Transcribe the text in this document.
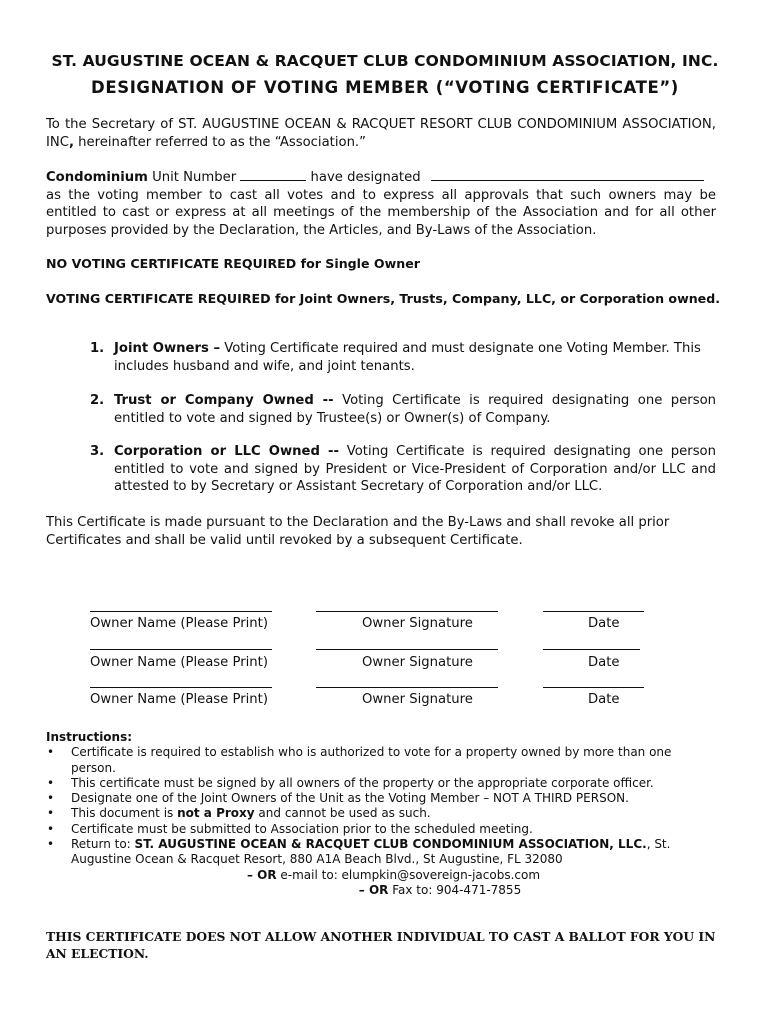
ST. AUGUSTINE OCEAN & RACQUET CLUB CONDOMINIUM ASSOCIATION, INC.
DESIGNATION OF VOTING MEMBER (“VOTING CERTIFICATE”)
To the Secretary of ST. AUGUSTINE OCEAN & RACQUET RESORT CLUB CONDOMINIUM ASSOCIATION, INC, hereinafter referred to as the “Association.”
Condominium Unit Number	have designated
as the voting member to cast all votes and to express all approvals that such owners may be entitled to cast or express at all meetings of the membership of the Association and for all other purposes provided by the Declaration, the Articles, and By-Laws of the Association.
NO VOTING CERTIFICATE REQUIRED for Single Owner
VOTING CERTIFICATE REQUIRED for Joint Owners, Trusts, Company, LLC, or Corporation owned.
1. Joint Owners – Voting Certificate required and must designate one Voting Member. This includes husband and wife, and joint tenants.
2. Trust or Company Owned -- Voting Certificate is required designating one person entitled to vote and signed by Trustee(s) or Owner(s) of Company.
3. Corporation or LLC Owned -- Voting Certificate is required designating one person entitled to vote and signed by President or Vice-President of Corporation and/or LLC and attested to by Secretary or Assistant Secretary of Corporation and/or LLC.
This Certificate is made pursuant to the Declaration and the By-Laws and shall revoke all prior Certificates and shall be valid until revoked by a subsequent Certificate.
Owner Name (Please Print)	Owner Signature	Date
Owner Name (Please Print)	Owner Signature	Date
Owner Name (Please Print)	Owner Signature	Date
Instructions:
• Certificate is required to establish who is authorized to vote for a property owned by more than one person.
• This certificate must be signed by all owners of the property or the appropriate corporate officer.
• Designate one of the Joint Owners of the Unit as the Voting Member – NOT A THIRD PERSON.
• This document is not a Proxy and cannot be used as such.
• Certificate must be submitted to Association prior to the scheduled meeting.
• Return to: ST. AUGUSTINE OCEAN & RACQUET CLUB CONDOMINIUM ASSOCIATION, LLC., St. Augustine Ocean & Racquet Resort, 880 A1A Beach Blvd., St Augustine, FL 32080
– OR e-mail to: elumpkin@sovereign-jacobs.com
– OR Fax to: 904-471-7855
THIS CERTIFICATE DOES NOT ALLOW ANOTHER INDIVIDUAL TO CAST A BALLOT FOR YOU IN AN ELECTION.
